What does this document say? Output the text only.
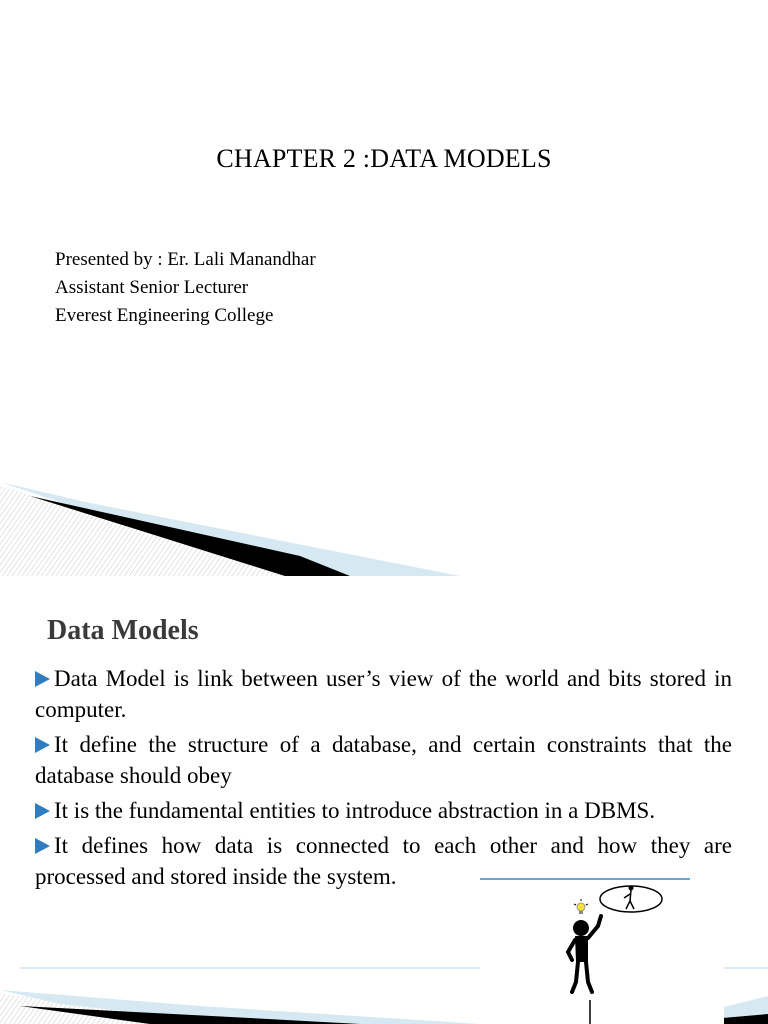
CHAPTER 2 :DATA MODELS
Presented by : Er. Lali Manandhar
Assistant Senior Lecturer
Everest Engineering College
Data Models
Data Model is link between user’s view of the world and bits stored in computer.
It define the structure of a database, and certain constraints that the database should obey
It is the fundamental entities to introduce abstraction in a DBMS.
It defines how data is connected to each other and how they are processed and stored inside the system.
